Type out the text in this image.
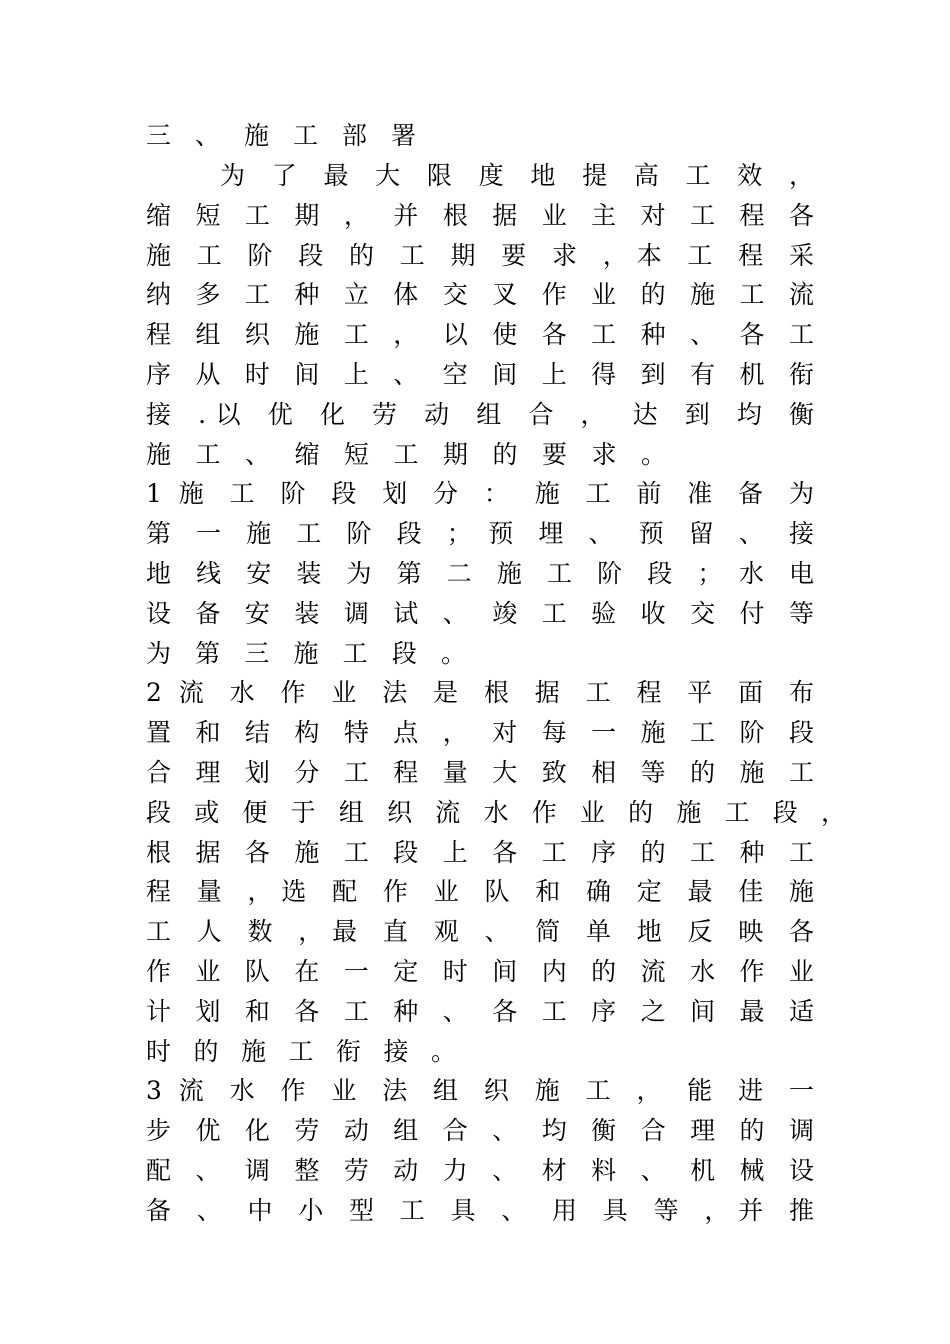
三 、 施 工 部 署
为 了 最 大 限 度 地 提 高 工 效 ，
缩 短 工 期 ， 并 根 据 业 主 对 工 程 各
施 工 阶 段 的 工 期 要 求 ，本 工 程 采
纳 多 工 种 立 体 交 叉 作 业 的 施 工 流
程 组 织 施 工 ， 以 使 各 工 种 、 各 工
序 从 时 间 上 、 空 间 上 得 到 有 机 衔
接 .以 优 化 劳 动 组 合 ， 达 到 均 衡
施 工 、 缩 短 工 期 的 要 求 。
1 施 工 阶 段 划 分 ： 施 工 前 准 备 为
第 一 施 工 阶 段 ； 预 埋 、 预 留 、 接
地 线 安 装 为 第 二 施 工 阶 段 ； 水 电
设 备 安 装 调 试 、 竣 工 验 收 交 付 等
为 第 三 施 工 段 。
2 流 水 作 业 法 是 根 据 工 程 平 面 布
置 和 结 构 特 点 ， 对 每 一 施 工 阶 段
合 理 划 分 工 程 量 大 致 相 等 的 施 工
段 或 便 于 组 织 流 水 作 业 的 施 工 段 ，
根 据 各 施 工 段 上 各 工 序 的 工 种 工
程 量 ，选 配 作 业 队 和 确 定 最 佳 施
工 人 数 ，最 直 观 、 简 单 地 反 映 各
作 业 队 在 一 定 时 间 内 的 流 水 作 业
计 划 和 各 工 种 、 各 工 序 之 间 最 适
时 的 施 工 衔 接 。
3 流 水 作 业 法 组 织 施 工 ， 能 进 一
步 优 化 劳 动 组 合 、 均 衡 合 理 的 调
配 、 调 整 劳 动 力 、 材 料 、 机 械 设
备 、 中 小 型 工 具 、 用 具 等 ，并 推
